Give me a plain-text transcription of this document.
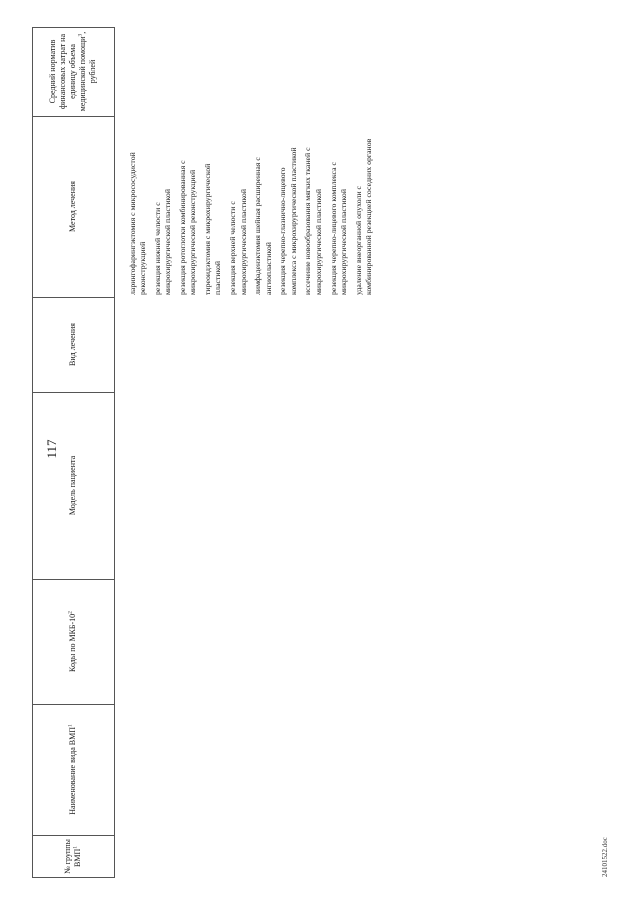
117
№ группы ВМП$^1$
Наименование вида ВМП$^1$
Коды по МКБ-$10^2$
Модель пациента
Вид лечения
Метод лечения
Средний норматив финансовых затрат на единицу объема медицинской помощи$^3$, рублей
ларингофарингэктомия с микрососудистой реконструкцией резекция нижней челюсти с микрохирургической пластикой резекция ротоглотки комбинированная с микрохирургической реконструкцией тиреоидэктомия с микрохирургической пластикой резекция верхней челюсти с микрохирургической пластикой лимфаденэктомия шейная расширенная с ангиопластикой резекция черепно-глазнично-лицевого комплекса с микрохирургической пластикой иссечение новообразования мягких тканей с микрохирургической пластикой резекция черепно-лицевого комплекса с микрохирургической пластикой удаление внеорганной опухоли с комбинированной резекцией соседних органов
24101522.doc
